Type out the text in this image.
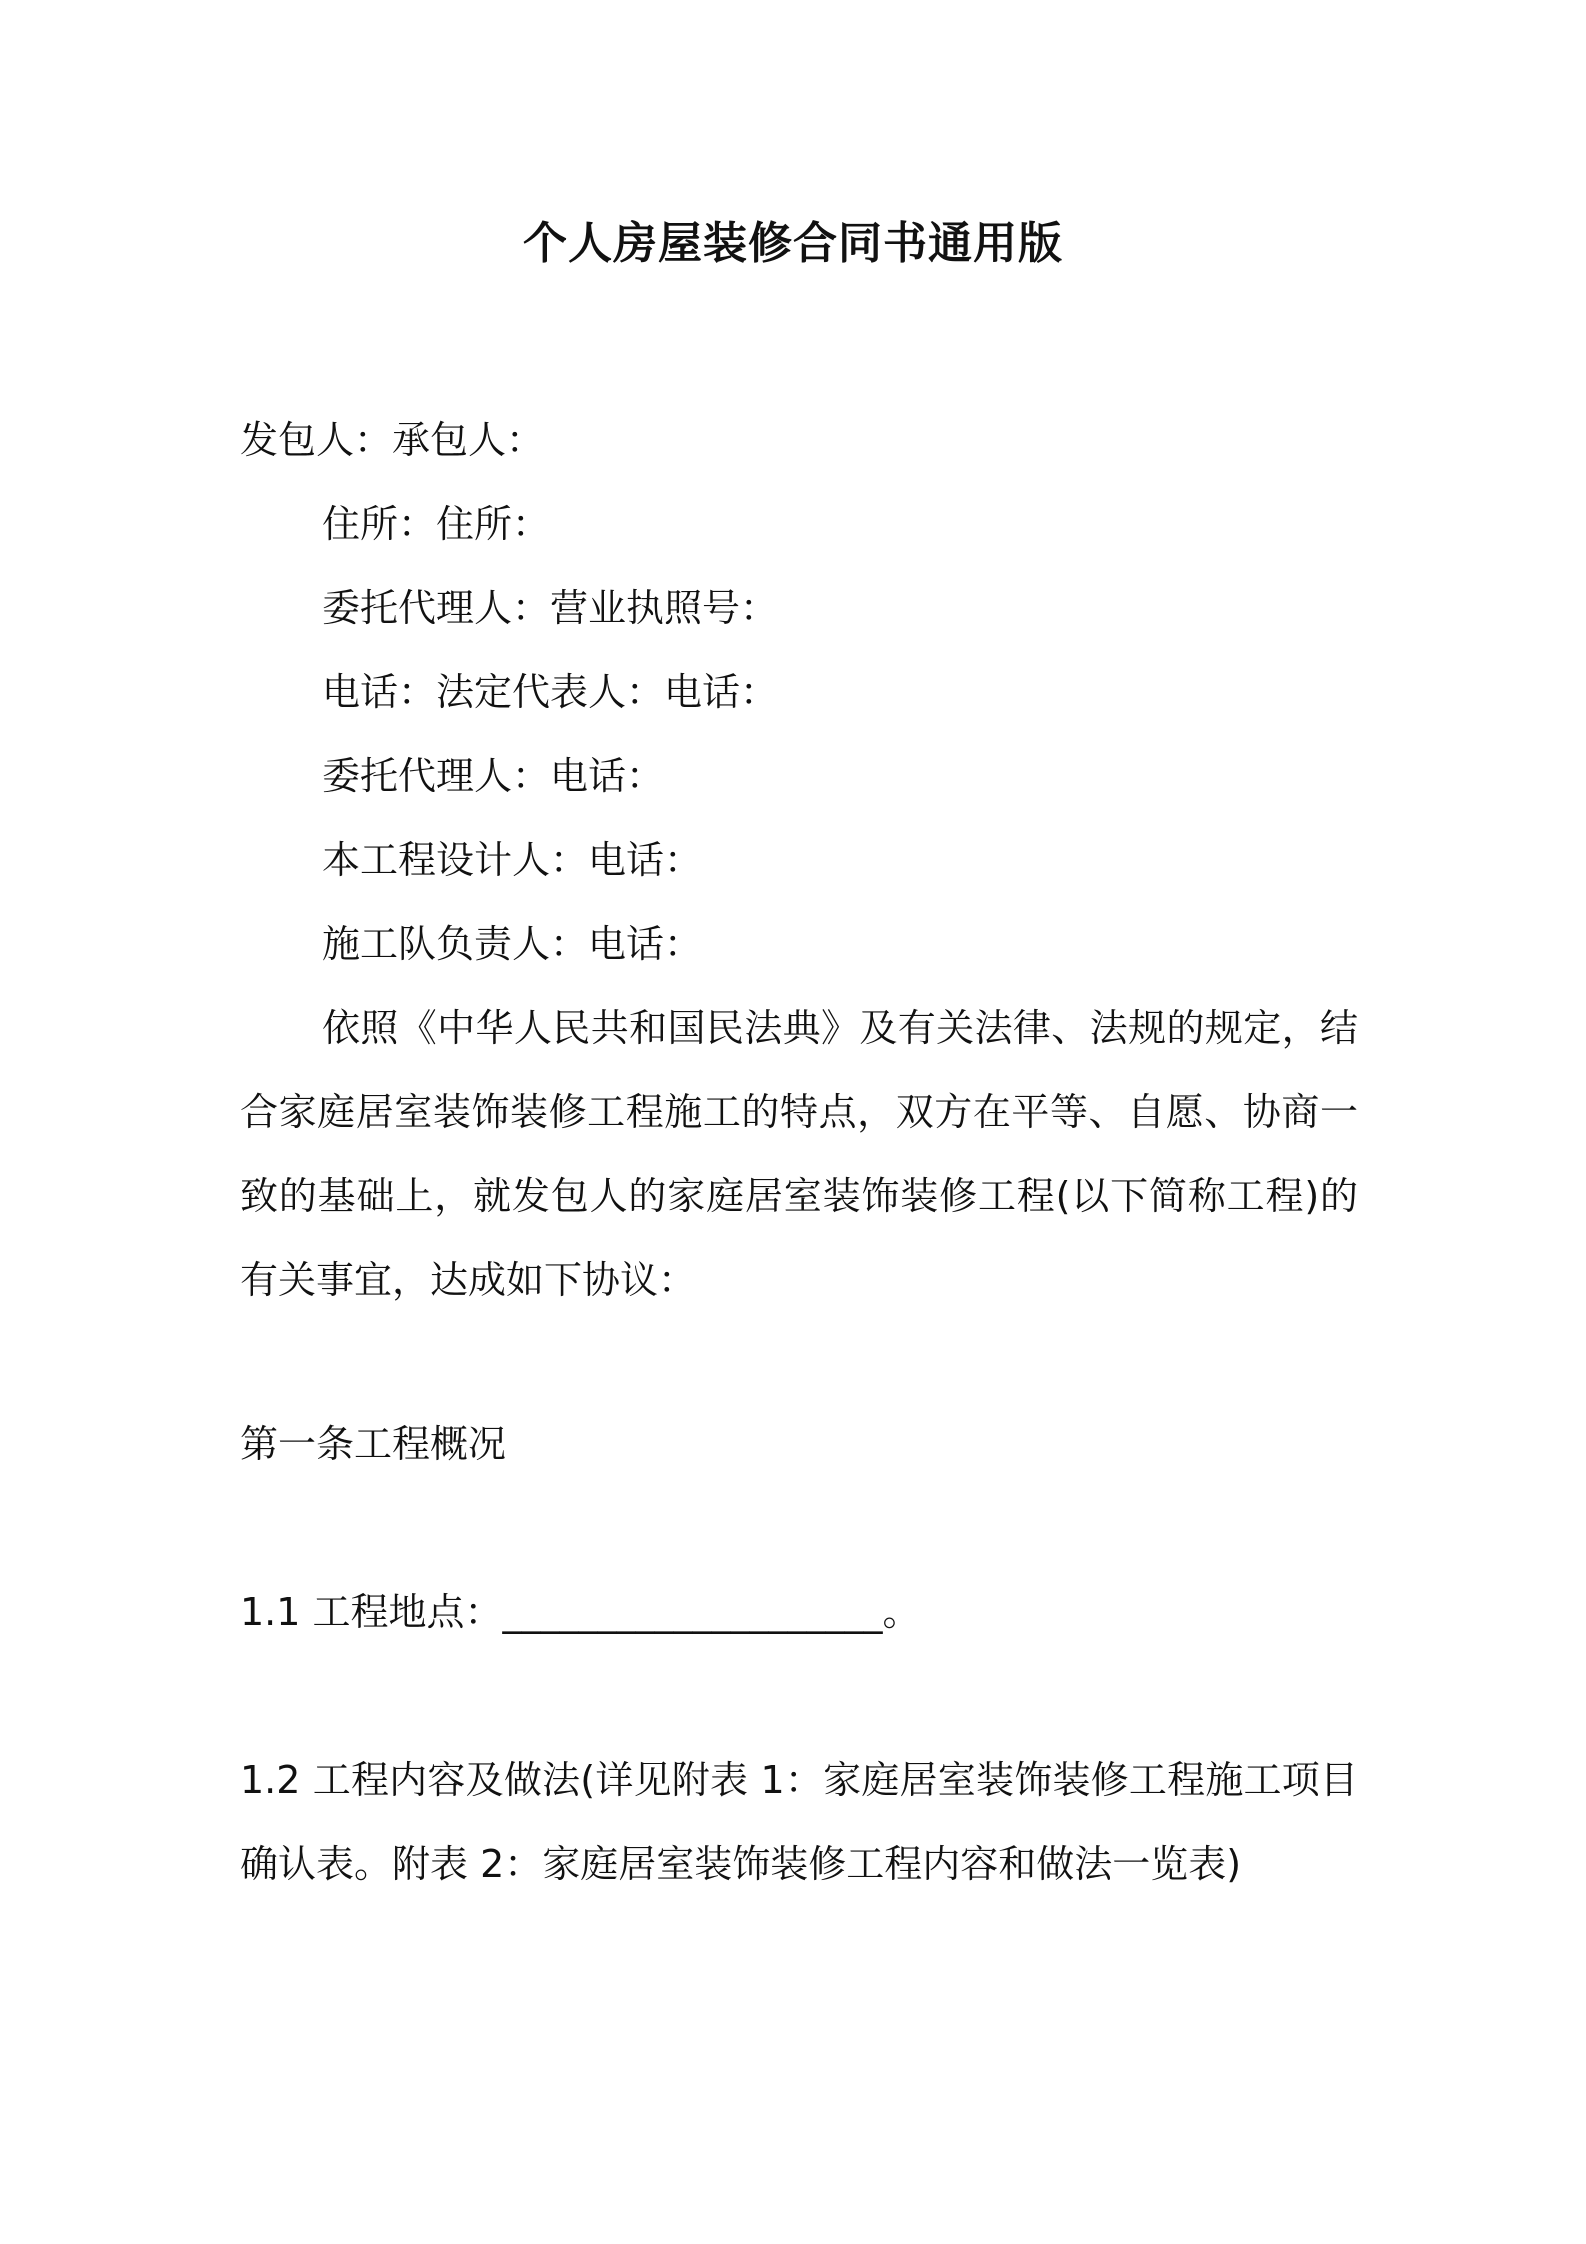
个人房屋装修合同书通用版
发包人：承包人：
住所：住所：
委托代理人：营业执照号：
电话：法定代表人：电话：
委托代理人：电话：
本工程设计人：电话：
施工队负责人：电话：
依照《中华人民共和国民法典》及有关法律、法规的规定，结合家庭居室装饰装修工程施工的特点，双方在平等、自愿、协商一致的基础上，就发包人的家庭居室装饰装修工程(以下简称工程)的有关事宜，达成如下协议：
第一条工程概况
1.1 工程地点：____________________。
1.2 工程内容及做法(详见附表 1：家庭居室装饰装修工程施工项目确认表。附表 2：家庭居室装饰装修工程内容和做法一览表)
